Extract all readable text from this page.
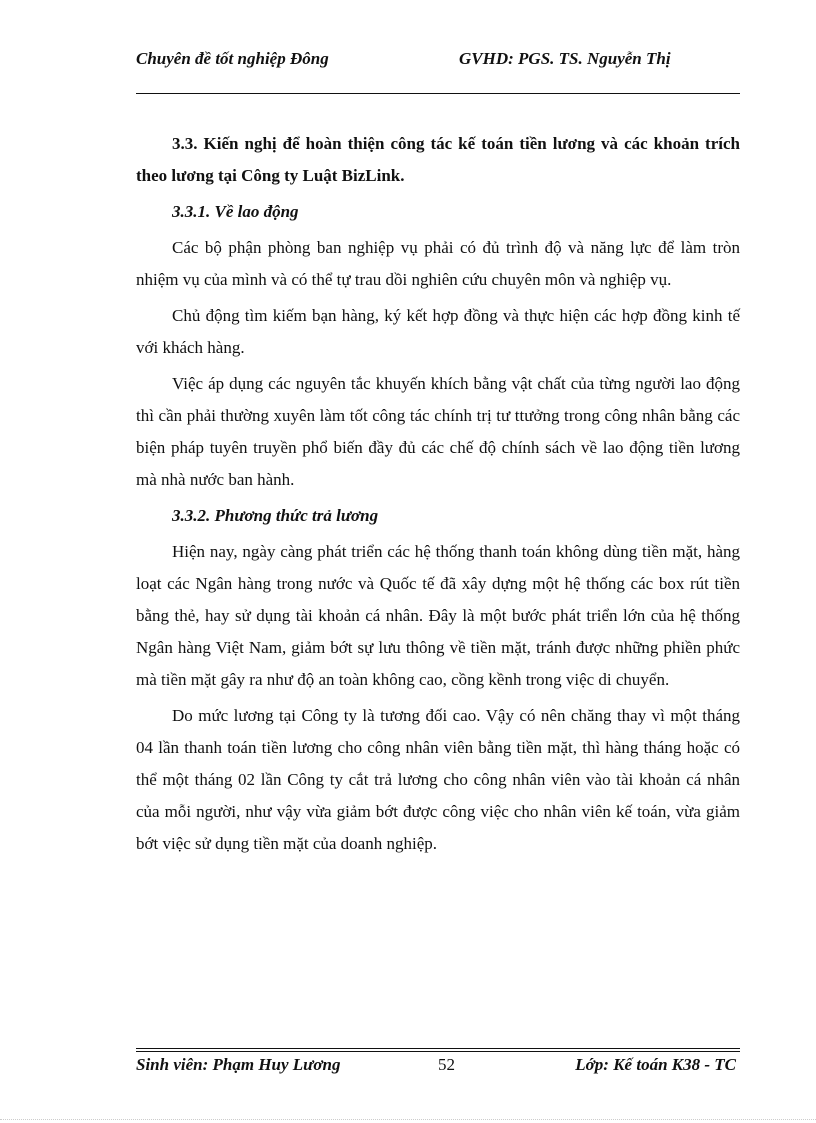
Chuyên đề tốt nghiệp Đông	GVHD: PGS. TS. Nguyễn Thị

3.3. Kiến nghị để hoàn thiện công tác kế toán tiền lương và các khoản trích theo lương tại Công ty Luật BizLink.

3.3.1. Về lao động

Các bộ phận phòng ban nghiệp vụ phải có đủ trình độ và năng lực để làm tròn nhiệm vụ của mình và có thể tự trau dồi nghiên cứu chuyên môn và nghiệp vụ.

Chủ động tìm kiếm bạn hàng, ký kết hợp đồng và thực hiện các hợp đồng kinh tế với khách hàng.

Việc áp dụng các nguyên tắc khuyến khích bằng vật chất của từng người lao động thì cần phải thường xuyên làm tốt công tác chính trị tư ttưởng trong công nhân bằng các biện pháp tuyên truyền phổ biến đầy đủ các chế độ chính sách về lao động tiền lương mà nhà nước ban hành.

3.3.2. Phương thức trả lương

Hiện nay, ngày càng phát triển các hệ thống thanh toán không dùng tiền mặt, hàng loạt các Ngân hàng trong nước và Quốc tế đã xây dựng một hệ thống các box rút tiền bằng thẻ, hay sử dụng tài khoản cá nhân. Đây là một bước phát triển lớn của hệ thống Ngân hàng Việt Nam, giảm bớt sự lưu thông về tiền mặt, tránh được những phiền phức mà tiền mặt gây ra như độ an toàn không cao, cồng kềnh trong việc di chuyển.

Do mức lương tại Công ty là tương đối cao. Vậy có nên chăng thay vì một tháng 04 lần thanh toán tiền lương cho công nhân viên bằng tiền mặt, thì hàng tháng hoặc có thể một tháng 02 lần Công ty cắt trả lương cho công nhân viên vào tài khoản cá nhân của mỗi người, như vậy vừa giảm bớt được công việc cho nhân viên kế toán, vừa giảm bớt việc sử dụng tiền mặt của doanh nghiệp.

Sinh viên: Phạm Huy Lương	52	Lớp: Kế toán K38 - TC
